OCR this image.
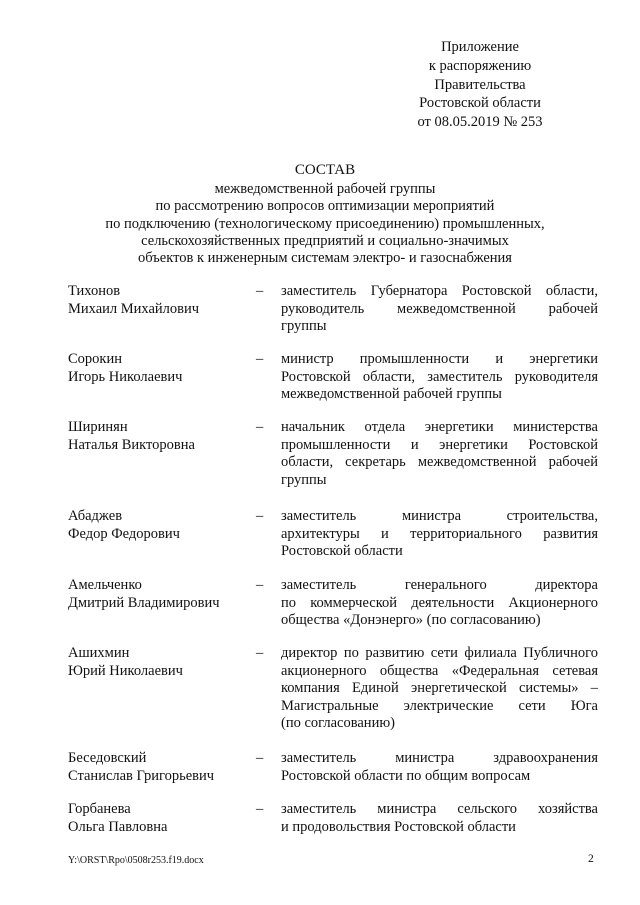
Приложение
к распоряжению
Правительства
Ростовской области
от 08.05.2019 № 253
СОСТАВ
межведомственной рабочей группы
по рассмотрению вопросов оптимизации мероприятий
по подключению (технологическому присоединению) промышленных,
сельскохозяйственных предприятий и социально-значимых
объектов к инженерным системам электро- и газоснабжения
Тихонов
Михаил Михайлович
– заместитель Губернатора Ростовской области,
руководитель межведомственной рабочей
группы
Сорокин
Игорь Николаевич
– министр промышленности и энергетики
Ростовской области, заместитель руководителя
межведомственной рабочей группы
Ширинян
Наталья Викторовна
– начальник отдела энергетики министерства
промышленности и энергетики Ростовской
области, секретарь межведомственной рабочей
группы
Абаджев
Федор Федорович
– заместитель министра строительства,
архитектуры и территориального развития
Ростовской области
Амельченко
Дмитрий Владимирович
– заместитель генерального директора
по коммерческой деятельности Акционерного
общества «Донэнерго» (по согласованию)
Ашихмин
Юрий Николаевич
– директор по развитию сети филиала Публичного
акционерного общества «Федеральная сетевая
компания Единой энергетической системы» –
Магистральные электрические сети Юга
(по согласованию)
Беседовский
Станислав Григорьевич
– заместитель министра здравоохранения
Ростовской области по общим вопросам
Горбанева
Ольга Павловна
– заместитель министра сельского хозяйства
и продовольствия Ростовской области
Y:\ORST\Rpo\0508r253.f19.docx	2
